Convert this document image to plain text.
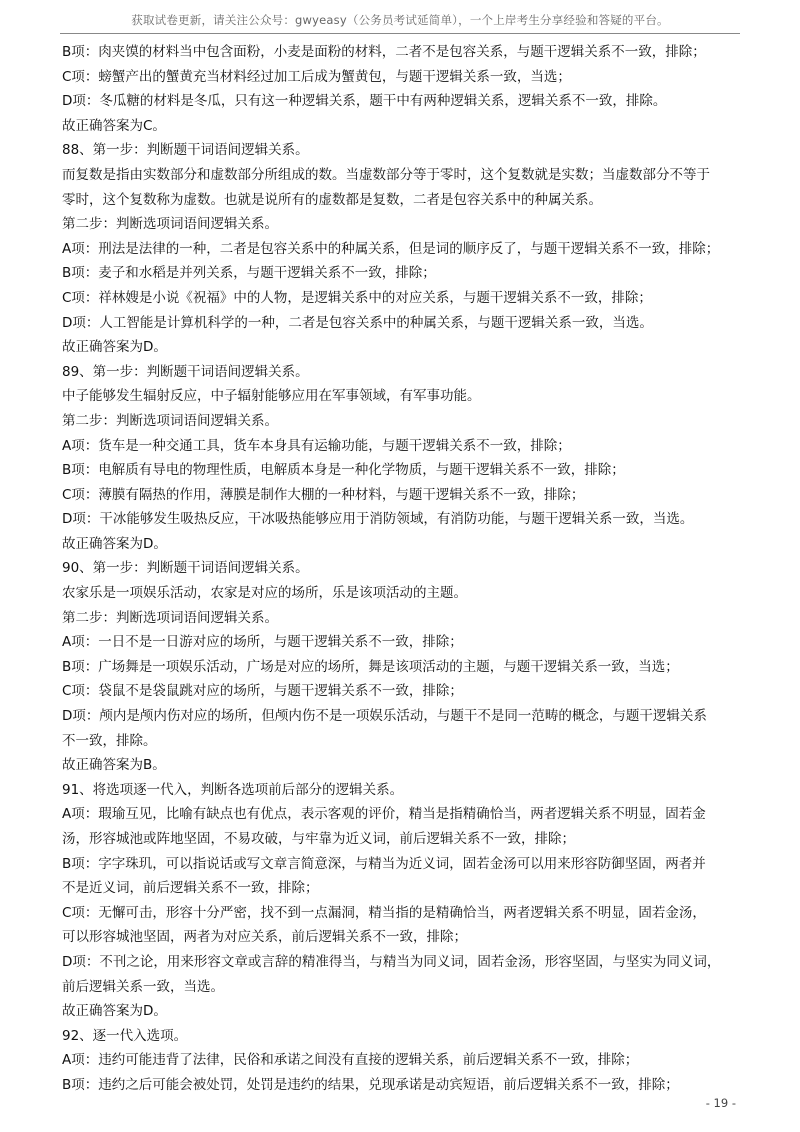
获取试卷更新，请关注公众号：gwyeasy（公务员考试延简单），一个上岸考生分享经验和答疑的平台。
B项：肉夹馍的材料当中包含面粉，小麦是面粉的材料，二者不是包容关系，与题干逻辑关系不一致，排除；
C项：螃蟹产出的蟹黄充当材料经过加工后成为蟹黄包，与题干逻辑关系一致，当选；
D项：冬瓜糖的材料是冬瓜，只有这一种逻辑关系，题干中有两种逻辑关系，逻辑关系不一致，排除。
故正确答案为C。
88、第一步：判断题干词语间逻辑关系。
而复数是指由实数部分和虚数部分所组成的数。当虚数部分等于零时，这个复数就是实数；当虚数部分不等于
零时，这个复数称为虚数。也就是说所有的虚数都是复数，二者是包容关系中的种属关系。
第二步：判断选项词语间逻辑关系。
A项：刑法是法律的一种，二者是包容关系中的种属关系，但是词的顺序反了，与题干逻辑关系不一致，排除；
B项：麦子和水稻是并列关系，与题干逻辑关系不一致，排除；
C项：祥林嫂是小说《祝福》中的人物，是逻辑关系中的对应关系，与题干逻辑关系不一致，排除；
D项：人工智能是计算机科学的一种，二者是包容关系中的种属关系，与题干逻辑关系一致，当选。
故正确答案为D。
89、第一步：判断题干词语间逻辑关系。
中子能够发生辐射反应，中子辐射能够应用在军事领域，有军事功能。
第二步：判断选项词语间逻辑关系。
A项：货车是一种交通工具，货车本身具有运输功能，与题干逻辑关系不一致，排除；
B项：电解质有导电的物理性质，电解质本身是一种化学物质，与题干逻辑关系不一致，排除；
C项：薄膜有隔热的作用，薄膜是制作大棚的一种材料，与题干逻辑关系不一致，排除；
D项：干冰能够发生吸热反应，干冰吸热能够应用于消防领域，有消防功能，与题干逻辑关系一致，当选。
故正确答案为D。
90、第一步：判断题干词语间逻辑关系。
农家乐是一项娱乐活动，农家是对应的场所，乐是该项活动的主题。
第二步：判断选项词语间逻辑关系。
A项：一日不是一日游对应的场所，与题干逻辑关系不一致，排除；
B项：广场舞是一项娱乐活动，广场是对应的场所，舞是该项活动的主题，与题干逻辑关系一致，当选；
C项：袋鼠不是袋鼠跳对应的场所，与题干逻辑关系不一致，排除；
D项：颅内是颅内伤对应的场所，但颅内伤不是一项娱乐活动，与题干不是同一范畴的概念，与题干逻辑关系
不一致，排除。
故正确答案为B。
91、将选项逐一代入，判断各选项前后部分的逻辑关系。
A项：瑕瑜互见，比喻有缺点也有优点，表示客观的评价，精当是指精确恰当，两者逻辑关系不明显，固若金
汤，形容城池或阵地坚固，不易攻破，与牢靠为近义词，前后逻辑关系不一致，排除；
B项：字字珠玑，可以指说话或写文章言简意深，与精当为近义词，固若金汤可以用来形容防御坚固，两者并
不是近义词，前后逻辑关系不一致，排除；
C项：无懈可击，形容十分严密，找不到一点漏洞，精当指的是精确恰当，两者逻辑关系不明显，固若金汤，
可以形容城池坚固，两者为对应关系，前后逻辑关系不一致，排除；
D项：不刊之论，用来形容文章或言辞的精准得当，与精当为同义词，固若金汤，形容坚固，与坚实为同义词，
前后逻辑关系一致，当选。
故正确答案为D。
92、逐一代入选项。
A项：违约可能违背了法律，民俗和承诺之间没有直接的逻辑关系，前后逻辑关系不一致，排除；
B项：违约之后可能会被处罚，处罚是违约的结果，兑现承诺是动宾短语，前后逻辑关系不一致，排除；
- 19 -
